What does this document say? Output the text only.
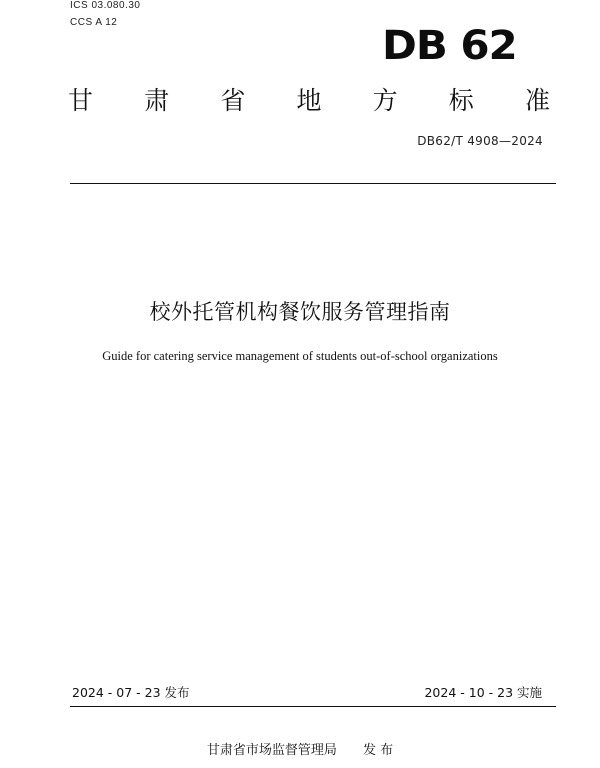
ICS 03.080.30
CCS A 12
DB 62
甘 肃 省 地 方 标 准
DB62/T 4908—2024
校外托管机构餐饮服务管理指南
Guide for catering service management of students out-of-school organizations
2024 - 07 - 23 发布	2024 - 10 - 23 实施
甘肃省市场监督管理局 发 布
